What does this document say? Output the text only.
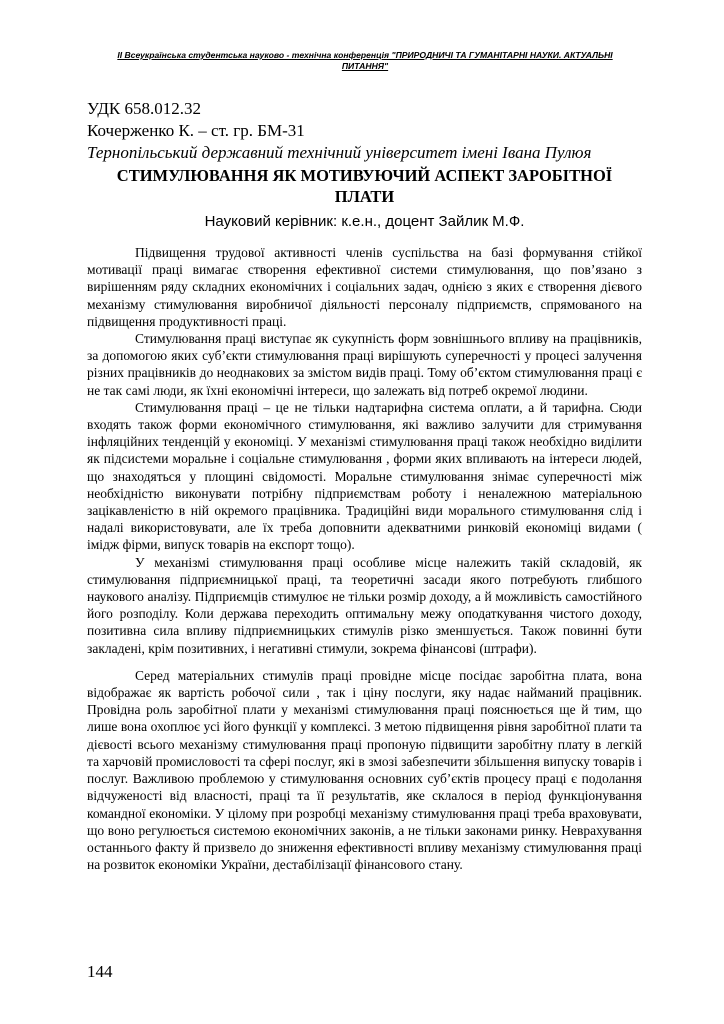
ІІ Всеукраїнська студентська науково - технічна конференція "ПРИРОДНИЧІ ТА ГУМАНІТАРНІ НАУКИ. АКТУАЛЬНІ ПИТАННЯ"
УДК 658.012.32
Кочерженко К. – ст. гр. БМ-31
Тернопільський державний технічний університет імені Івана Пулюя
СТИМУЛЮВАННЯ ЯК МОТИВУЮЧИЙ АСПЕКТ ЗАРОБІТНОЇ ПЛАТИ
Науковий керівник: к.е.н., доцент Зайлик М.Ф.

Підвищення трудової активності членів суспільства на базі формування стійкої мотивації праці вимагає створення ефективної системи стимулювання, що пов’язано з вирішенням ряду складних економічних і соціальних задач, однією з яких є створення дієвого механізму стимулювання виробничої діяльності персоналу підприємств, спрямованого на підвищення продуктивності праці.

Стимулювання праці виступає як сукупність форм зовнішнього впливу на працівників, за допомогою яких суб’єкти стимулювання праці вирішують суперечності у процесі залучення різних працівників до неоднакових за змістом видів праці. Тому об’єктом стимулювання праці є не так самі люди, як їхні економічні інтереси, що залежать від потреб окремої людини.

Стимулювання праці – це не тільки надтарифна система оплати, а й тарифна. Сюди входять також форми економічного стимулювання, які важливо залучити для стримування інфляційних тенденцій у економіці. У механізмі стимулювання праці також необхідно виділити як підсистеми моральне і соціальне стимулювання , форми яких впливають на інтереси людей, що знаходяться у площині свідомості. Моральне стимулювання знімає суперечності між необхідністю виконувати потрібну підприємствам роботу і неналежною матеріальною зацікавленістю в ній окремого працівника. Традиційні види морального стимулювання слід і надалі використовувати, але їх треба доповнити адекватними ринковій економіці видами ( імідж фірми, випуск товарів на експорт тощо).

У механізмі стимулювання праці особливе місце належить такій складовій, як стимулювання підприємницької праці, та теоретичні засади якого потребують глибшого наукового аналізу. Підприємців стимулює не тільки розмір доходу, а й можливість самостійного його розподілу. Коли держава переходить оптимальну межу оподаткування чистого доходу, позитивна сила впливу підприємницьких стимулів різко зменшується. Також повинні бути закладені, крім позитивних, і негативні стимули, зокрема фінансові (штрафи).

Серед матеріальних стимулів праці провідне місце посідає заробітна плата, вона відображає як вартість робочої сили , так і ціну послуги, яку надає найманий працівник. Провідна роль заробітної плати у механізмі стимулювання праці пояснюється ще й тим, що лише вона охоплює усі його функції у комплексі. З метою підвищення рівня заробітної плати та дієвості всього механізму стимулювання праці пропоную підвищити заробітну плату в легкій та харчовій промисловості та сфері послуг, які в змозі забезпечити збільшення випуску товарів і послуг. Важливою проблемою у стимулювання основних суб’єктів процесу праці є подолання відчуженості від власності, праці та її результатів, яке склалося в період функціонування командної економіки. У цілому при розробці механізму стимулювання праці треба враховувати, що воно регулюється системою економічних законів, а не тільки законами ринку. Неврахування останнього факту й призвело до зниження ефективності впливу механізму стимулювання праці на розвиток економіки України, дестабілізації фінансового стану.

144
